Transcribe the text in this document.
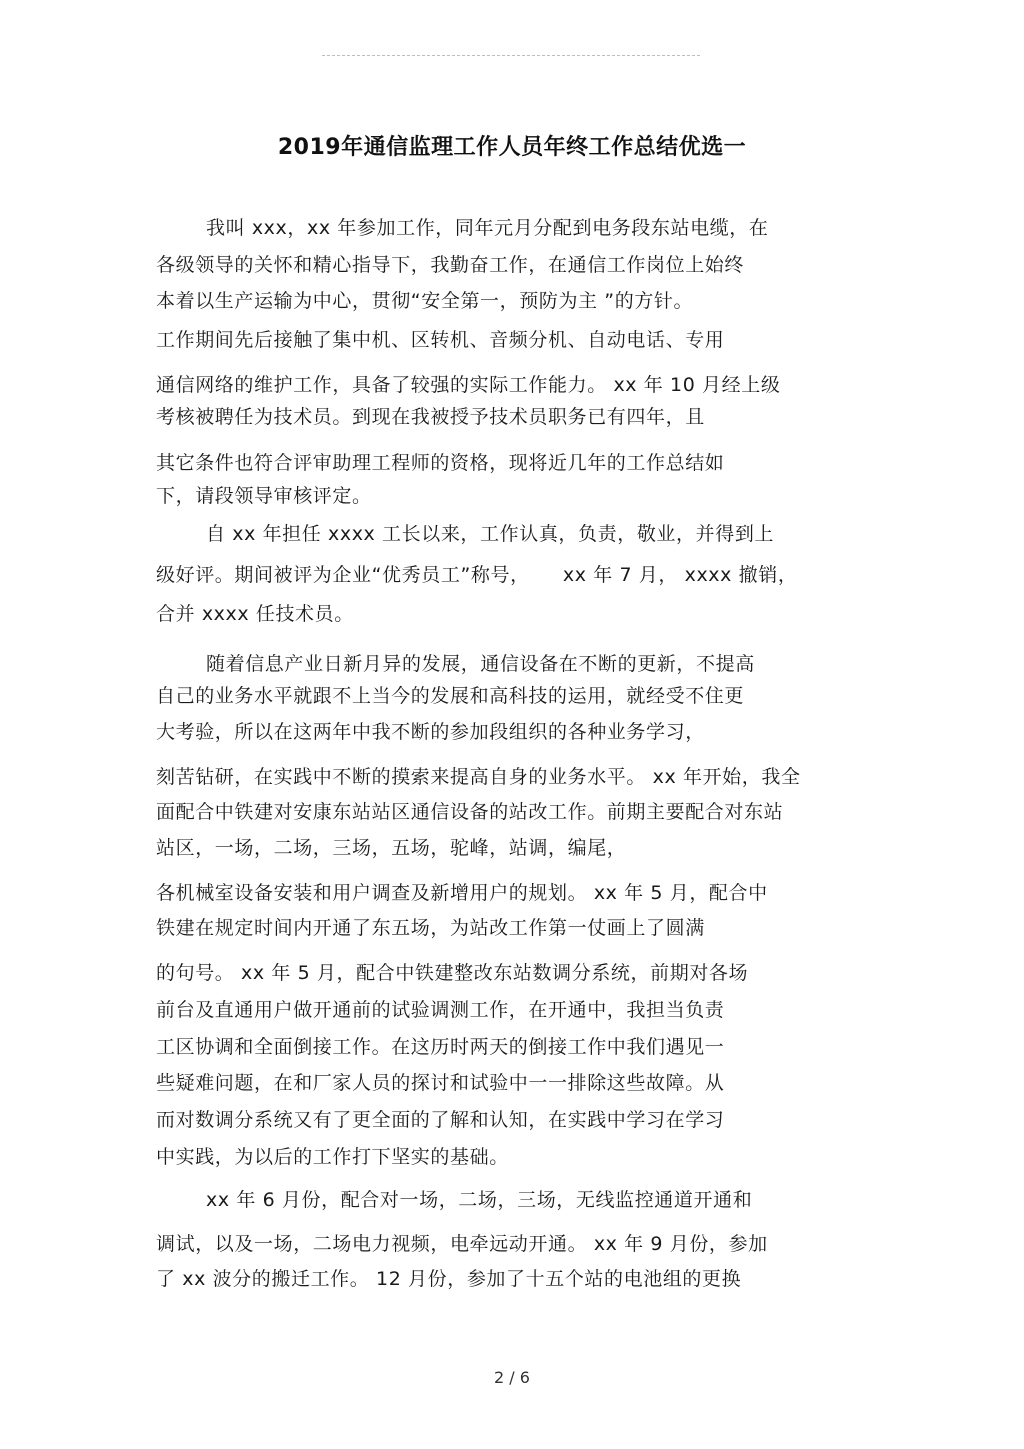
2019年通信监理工作人员年终工作总结优选一
我叫 xxx，xx 年参加工作，同年元月分配到电务段东站电缆，在
各级领导的关怀和精心指导下，我勤奋工作，在通信工作岗位上始终
本着以生产运输为中心，贯彻“安全第一，预防为主 ”的方针。
工作期间先后接触了集中机、区转机、音频分机、自动电话、专用
通信网络的维护工作，具备了较强的实际工作能力。 xx 年 10 月经上级
考核被聘任为技术员。到现在我被授予技术员职务已有四年，且
其它条件也符合评审助理工程师的资格，现将近几年的工作总结如
下，请段领导审核评定。
自 xx 年担任 xxxx 工长以来，工作认真，负责，敬业，并得到上
级好评。期间被评为企业“优秀员工”称号，     xx 年 7 月， xxxx 撤销，
合并 xxxx 任技术员。
随着信息产业日新月异的发展，通信设备在不断的更新，不提高
自己的业务水平就跟不上当今的发展和高科技的运用，就经受不住更
大考验，所以在这两年中我不断的参加段组织的各种业务学习，
刻苦钻研，在实践中不断的摸索来提高自身的业务水平。 xx 年开始，我全
面配合中铁建对安康东站站区通信设备的站改工作。前期主要配合对东站
站区，一场，二场，三场，五场，驼峰，站调，编尾，
各机械室设备安装和用户调查及新增用户的规划。 xx 年 5 月，配合中
铁建在规定时间内开通了东五场，为站改工作第一仗画上了圆满
的句号。 xx 年 5 月，配合中铁建整改东站数调分系统，前期对各场
前台及直通用户做开通前的试验调测工作，在开通中，我担当负责
工区协调和全面倒接工作。在这历时两天的倒接工作中我们遇见一
些疑难问题，在和厂家人员的探讨和试验中一一排除这些故障。从
而对数调分系统又有了更全面的了解和认知，在实践中学习在学习
中实践，为以后的工作打下坚实的基础。
xx 年 6 月份，配合对一场，二场，三场，无线监控通道开通和
调试，以及一场，二场电力视频，电牵远动开通。 xx 年 9 月份，参加
了 xx 波分的搬迁工作。 12 月份，参加了十五个站的电池组的更换
2 / 6
